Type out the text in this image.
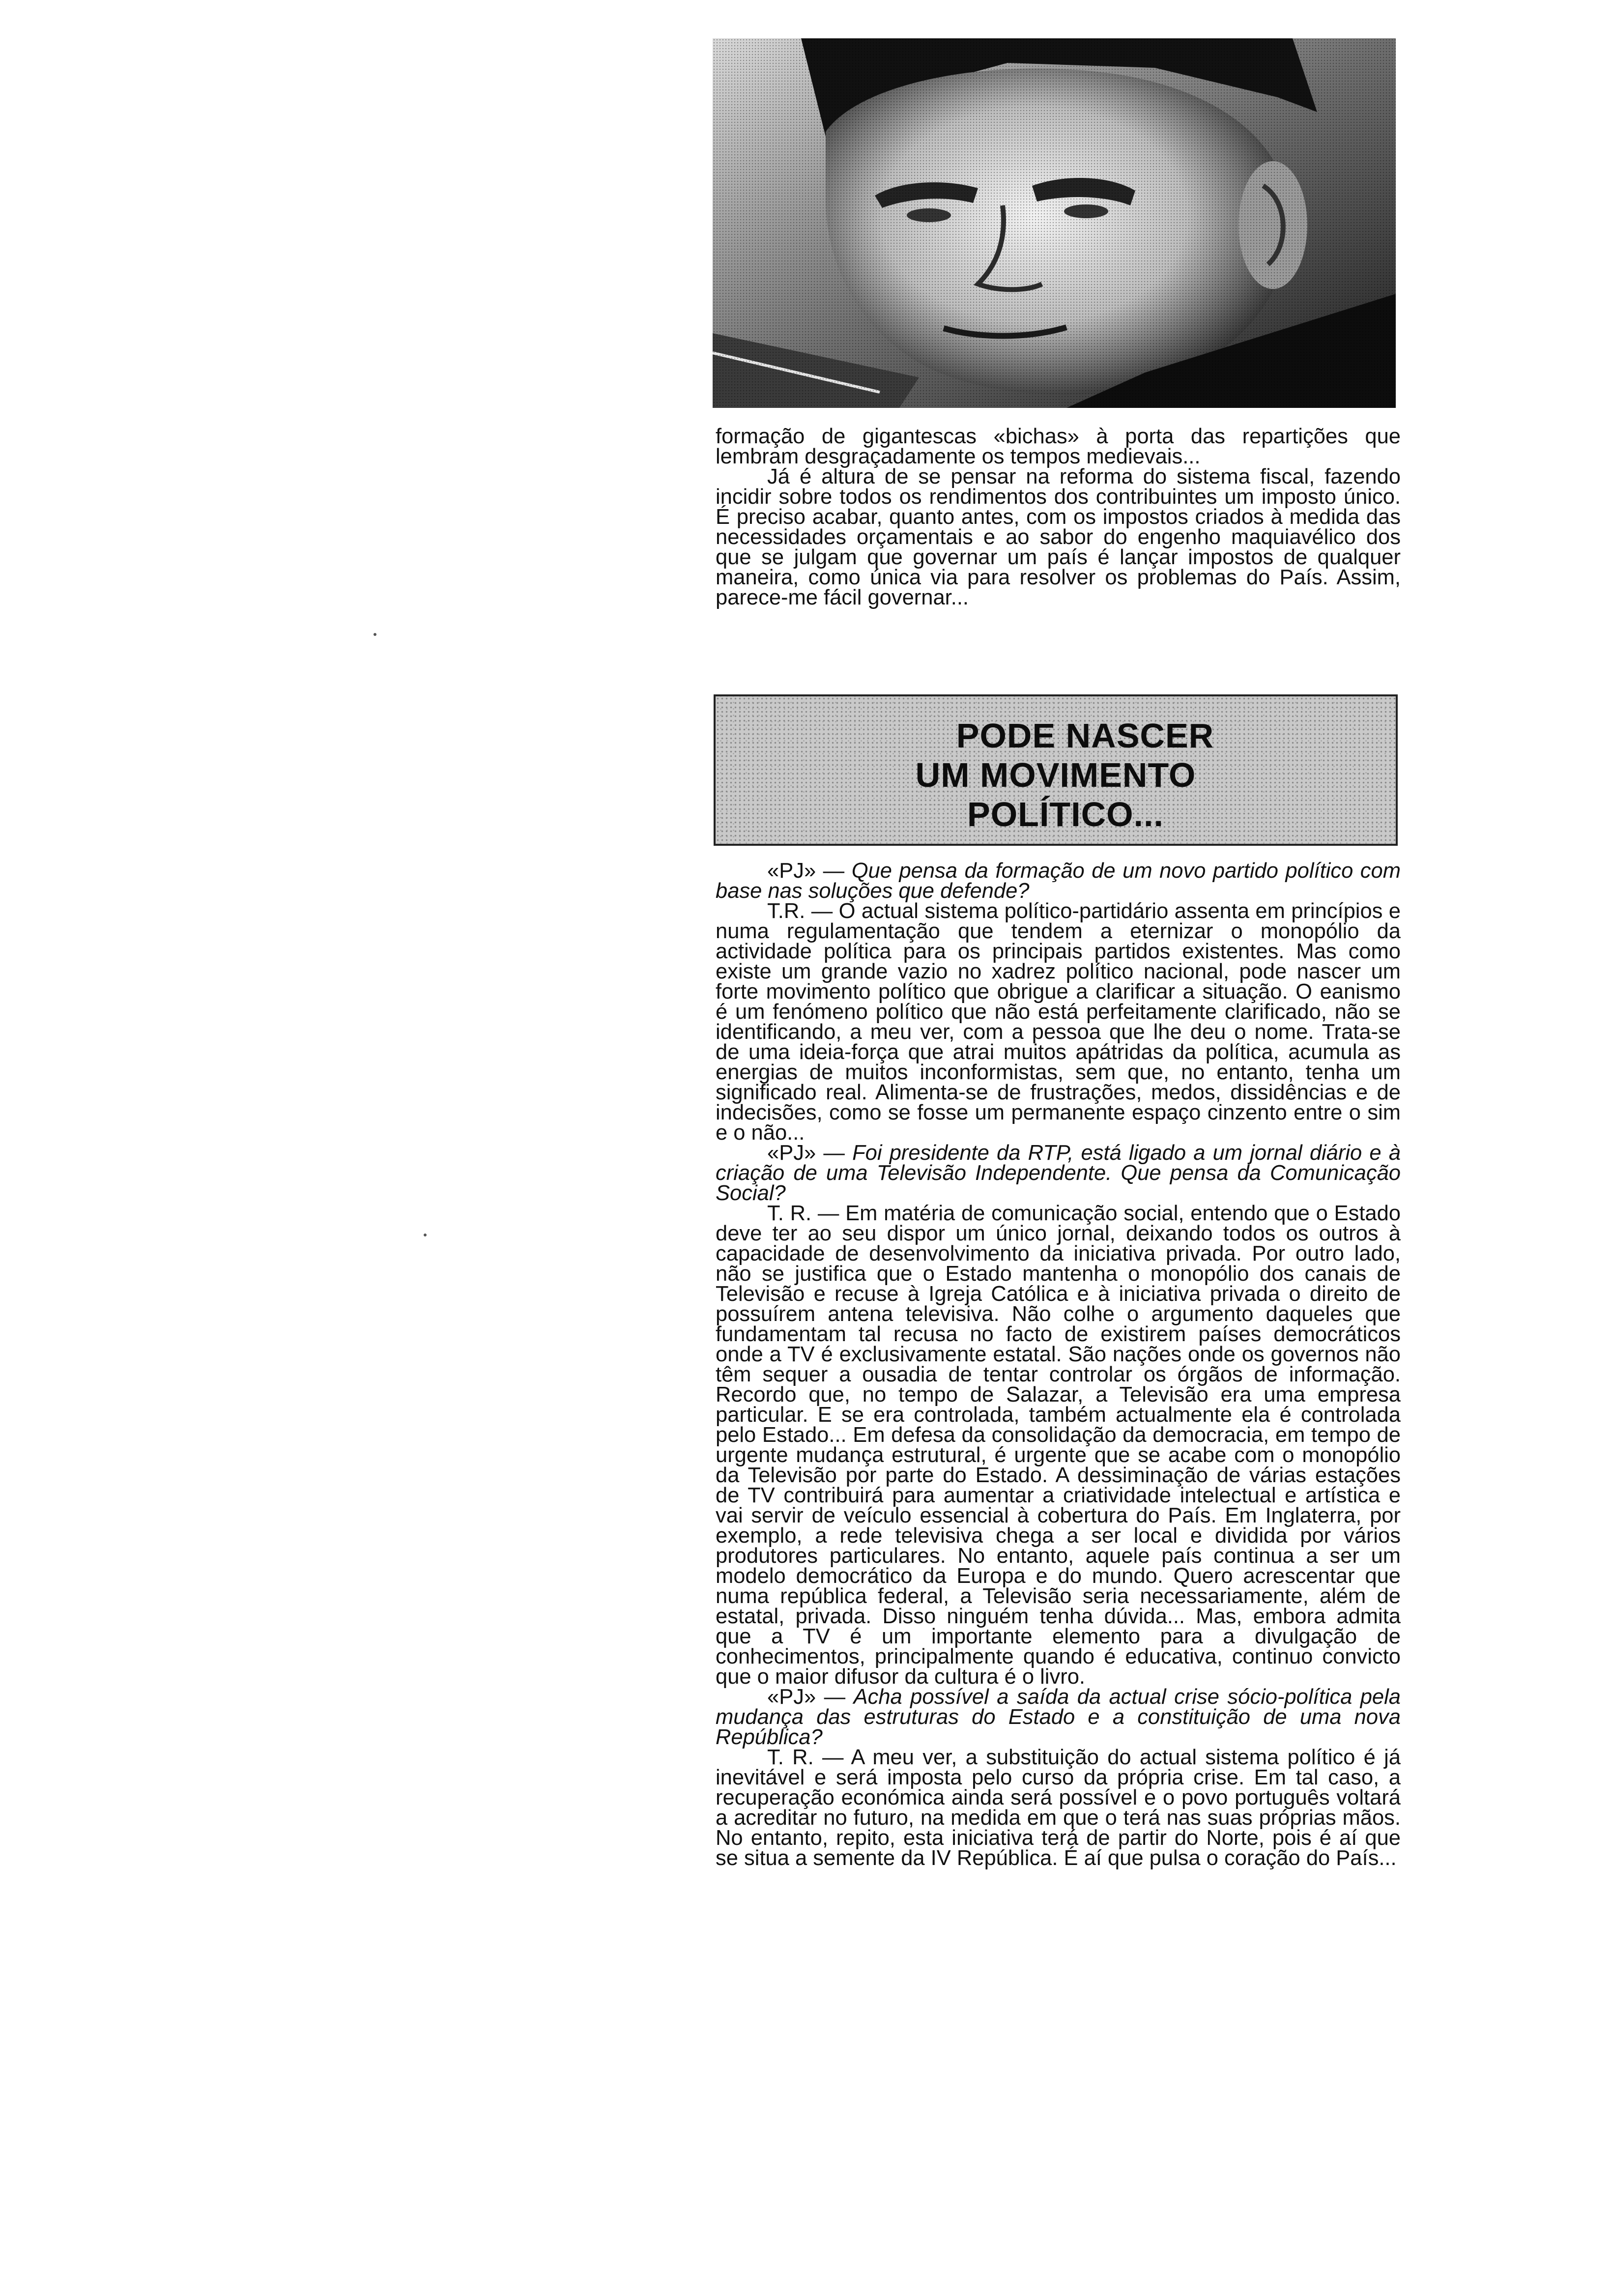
formação de gigantescas «bichas» à porta das repartições que lembram desgraçadamente os tempos medievais...

Já é altura de se pensar na reforma do sistema fiscal, fazendo incidir sobre todos os rendimentos dos contribuintes um imposto único. É preciso acabar, quanto antes, com os impostos criados à medida das necessidades orçamentais e ao sabor do engenho maquiavélico dos que se julgam que governar um país é lançar impostos de qualquer maneira, como única via para resolver os problemas do País. Assim, parece-me fácil governar...

PODE NASCER
UM MOVIMENTO
POLÍTICO...

«PJ» — Que pensa da formação de um novo partido político com base nas soluções que defende?

T.R. — O actual sistema político-partidário assenta em princípios e numa regulamentação que tendem a eternizar o monopólio da actividade política para os principais partidos existentes. Mas como existe um grande vazio no xadrez político nacional, pode nascer um forte movimento político que obrigue a clarificar a situação. O eanismo é um fenómeno político que não está perfeitamente clarificado, não se identificando, a meu ver, com a pessoa que lhe deu o nome. Trata-se de uma ideia-força que atrai muitos apátridas da política, acumula as energias de muitos inconformistas, sem que, no entanto, tenha um significado real. Alimenta-se de frustrações, medos, dissidências e de indecisões, como se fosse um permanente espaço cinzento entre o sim e o não...

«PJ» — Foi presidente da RTP, está ligado a um jornal diário e à criação de uma Televisão Independente. Que pensa da Comunicação Social?

T. R. — Em matéria de comunicação social, entendo que o Estado deve ter ao seu dispor um único jornal, deixando todos os outros à capacidade de desenvolvimento da iniciativa privada. Por outro lado, não se justifica que o Estado mantenha o monopólio dos canais de Televisão e recuse à Igreja Católica e à iniciativa privada o direito de possuírem antena televisiva. Não colhe o argumento daqueles que fundamentam tal recusa no facto de existirem países democráticos onde a TV é exclusivamente estatal. São nações onde os governos não têm sequer a ousadia de tentar controlar os órgãos de informação. Recordo que, no tempo de Salazar, a Televisão era uma empresa particular. E se era controlada, também actualmente ela é controlada pelo Estado... Em defesa da consolidação da democracia, em tempo de urgente mudança estrutural, é urgente que se acabe com o monopólio da Televisão por parte do Estado. A dessiminação de várias estações de TV contribuirá para aumentar a criatividade intelectual e artística e vai servir de veículo essencial à cobertura do País. Em Inglaterra, por exemplo, a rede televisiva chega a ser local e dividida por vários produtores particulares. No entanto, aquele país continua a ser um modelo democrático da Europa e do mundo. Quero acrescentar que numa república federal, a Televisão seria necessariamente, além de estatal, privada. Disso ninguém tenha dúvida... Mas, embora admita que a TV é um importante elemento para a divulgação de conhecimentos, principalmente quando é educativa, continuo convicto que o maior difusor da cultura é o livro.

«PJ» — Acha possível a saída da actual crise sócio-política pela mudança das estruturas do Estado e a constituição de uma nova República?

T. R. — A meu ver, a substituição do actual sistema político é já inevitável e será imposta pelo curso da própria crise. Em tal caso, a recuperação económica ainda será possível e o povo português voltará a acreditar no futuro, na medida em que o terá nas suas próprias mãos. No entanto, repito, esta iniciativa terá de partir do Norte, pois é aí que se situa a semente da IV República. É aí que pulsa o coração do País...
